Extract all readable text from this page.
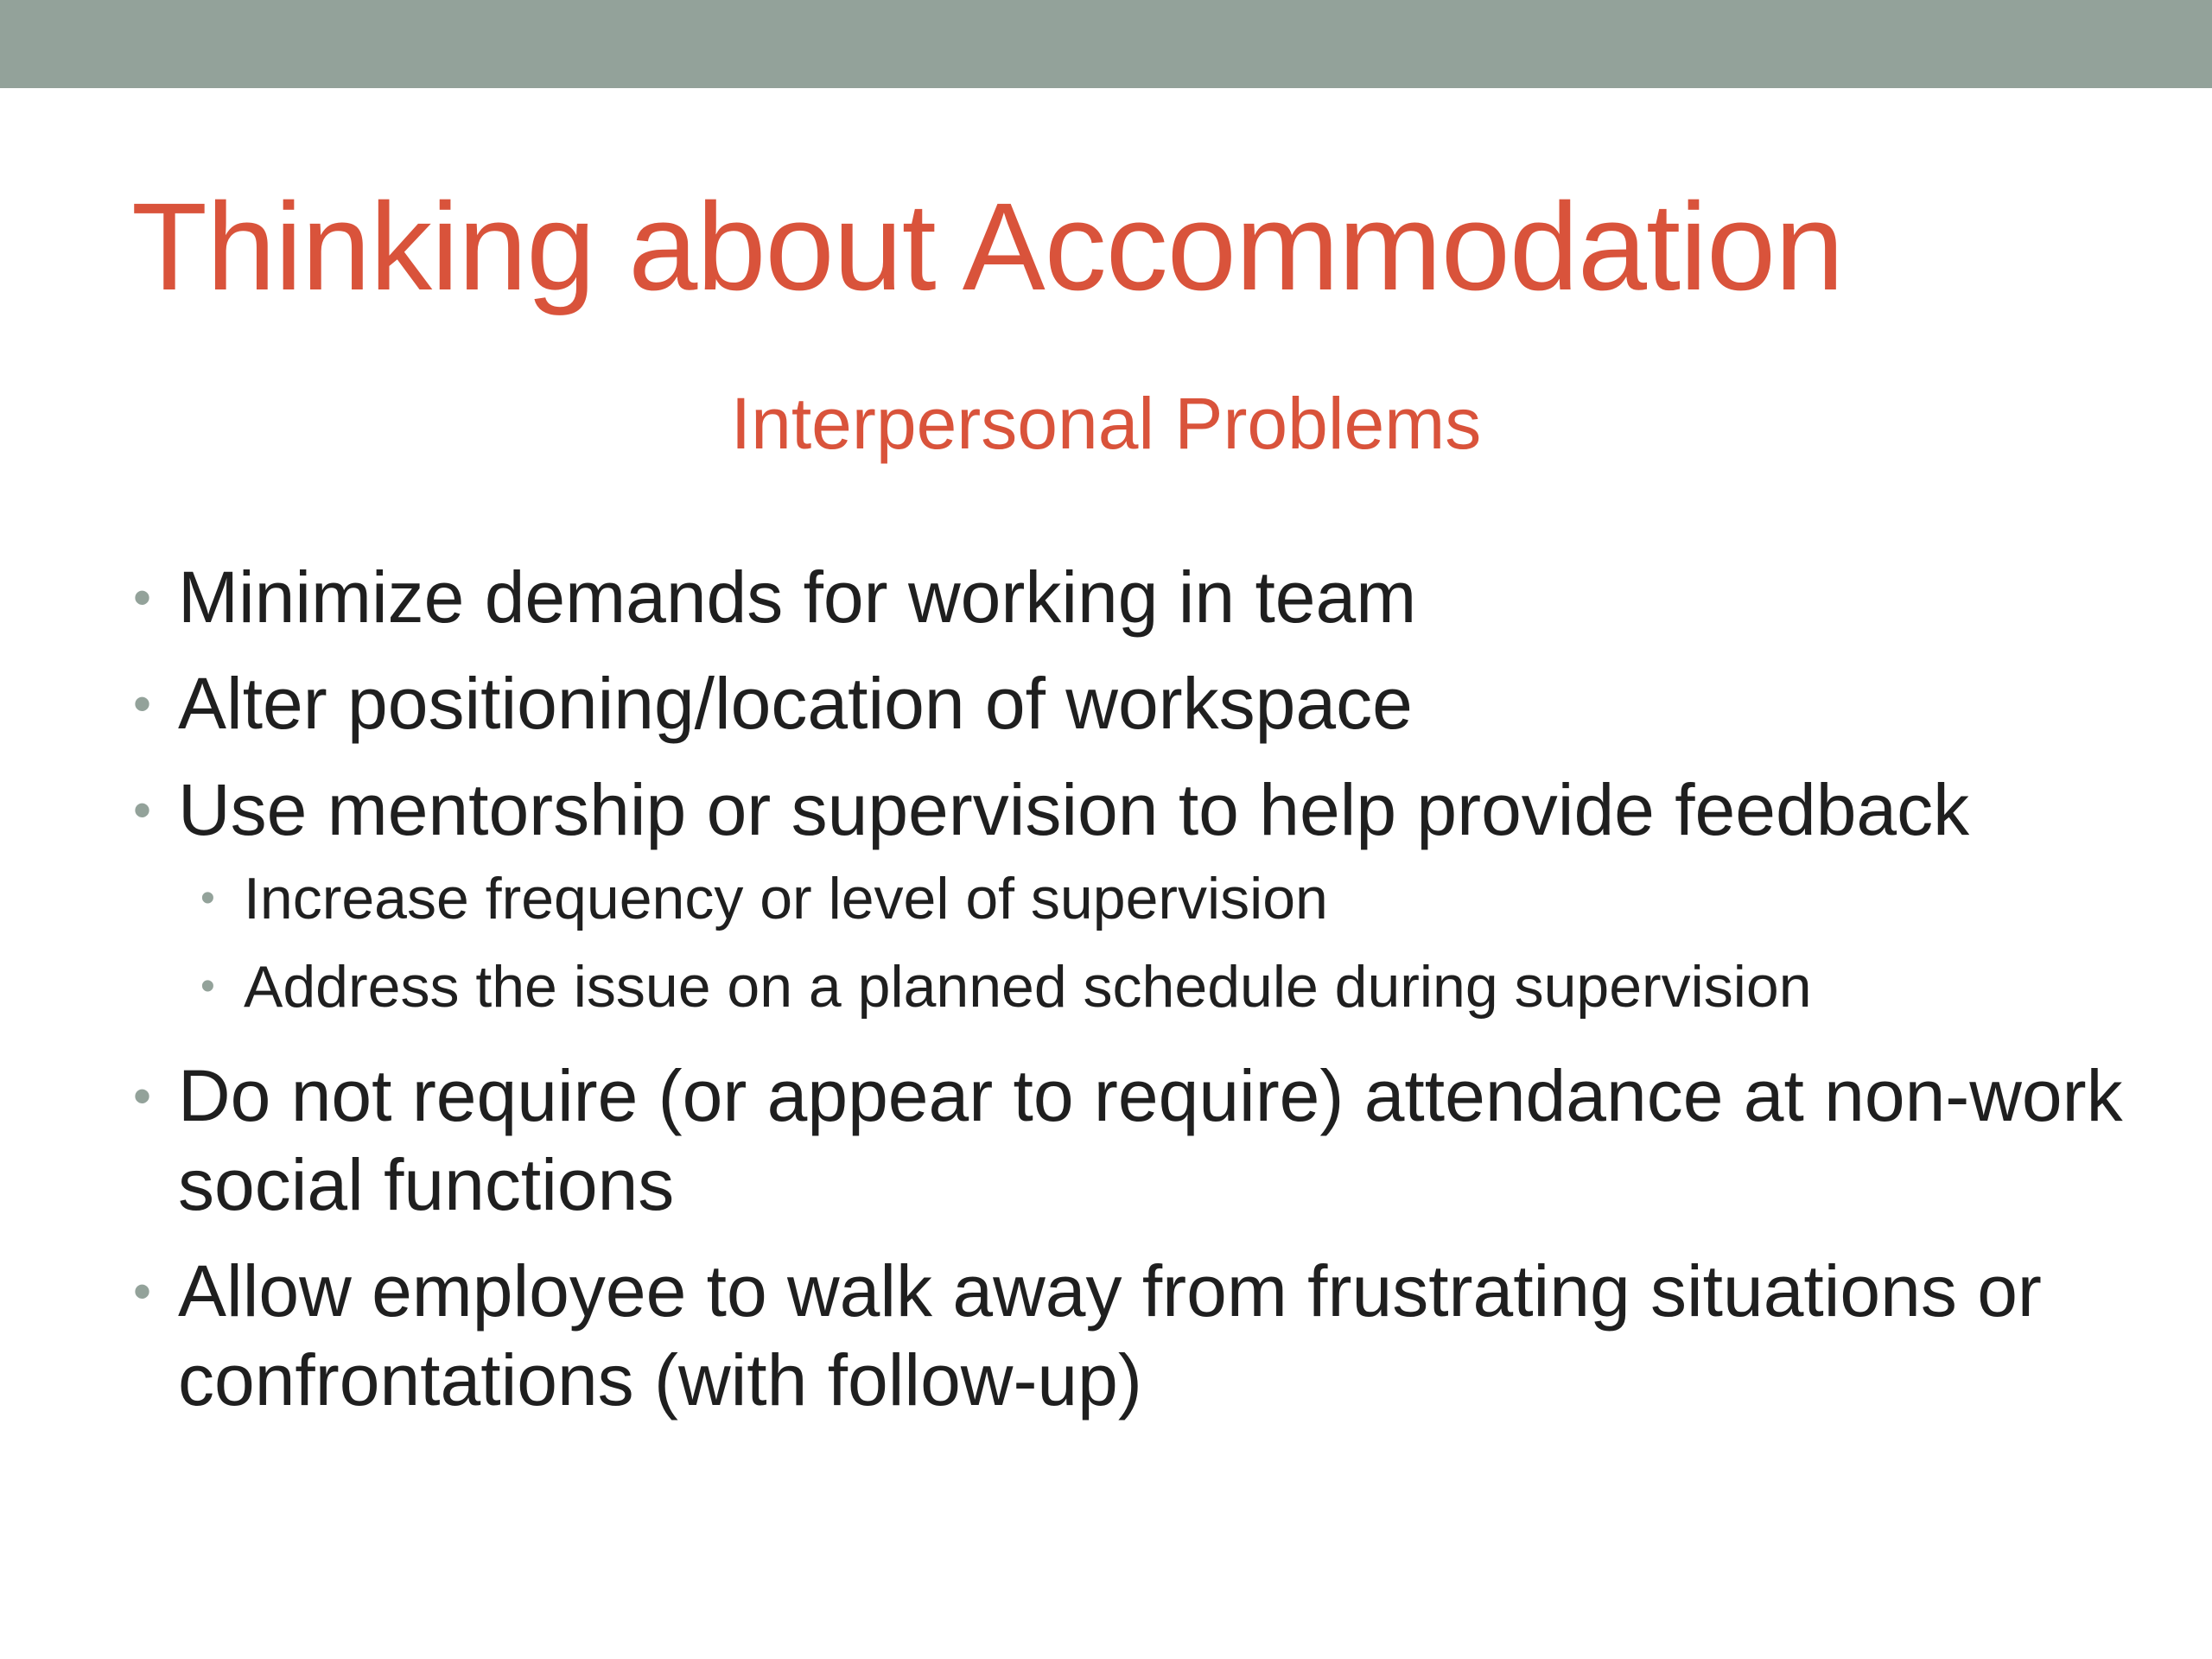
Thinking about Accommodation
Interpersonal Problems
• Minimize demands for working in team
• Alter positioning/location of workspace
• Use mentorship or supervision to help provide feedback
• Increase frequency or level of supervision
• Address the issue on a planned schedule during supervision
• Do not require (or appear to require) attendance at non-work social functions
• Allow employee to walk away from frustrating situations or confrontations (with follow-up)
